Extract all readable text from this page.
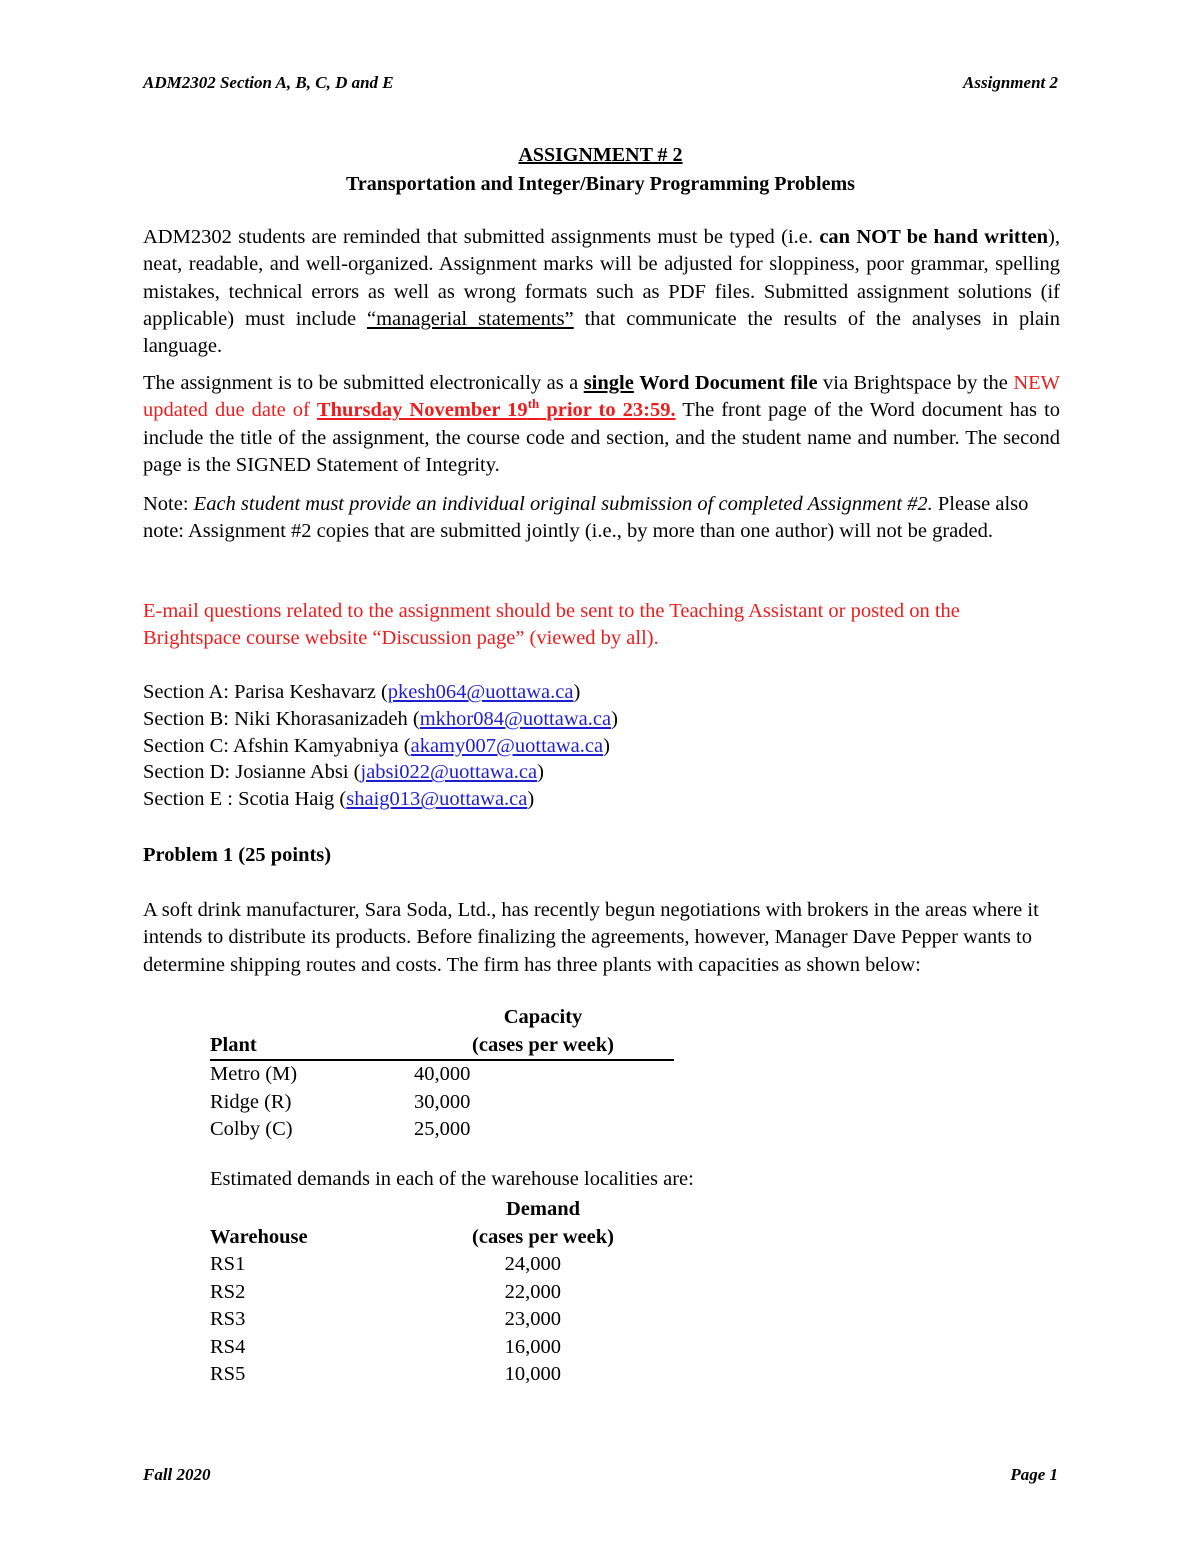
ADM2302 Section A, B, C, D and E	Assignment 2
ASSIGNMENT # 2
Transportation and Integer/Binary Programming Problems

ADM2302 students are reminded that submitted assignments must be typed (i.e. can NOT be hand written), neat, readable, and well-organized. Assignment marks will be adjusted for sloppiness, poor grammar, spelling mistakes, technical errors as well as wrong formats such as PDF files. Submitted assignment solutions (if applicable) must include “managerial statements” that communicate the results of the analyses in plain language.

The assignment is to be submitted electronically as a single Word Document file via Brightspace by the NEW updated due date of Thursday November 19th prior to 23:59. The front page of the Word document has to include the title of the assignment, the course code and section, and the student name and number. The second page is the SIGNED Statement of Integrity.

Note: Each student must provide an individual original submission of completed Assignment #2. Please also note: Assignment #2 copies that are submitted jointly (i.e., by more than one author) will not be graded.

E-mail questions related to the assignment should be sent to the Teaching Assistant or posted on the Brightspace course website “Discussion page” (viewed by all).

Section A: Parisa Keshavarz (pkesh064@uottawa.ca)
Section B: Niki Khorasanizadeh (mkhor084@uottawa.ca)
Section C: Afshin Kamyabniya (akamy007@uottawa.ca)
Section D: Josianne Absi (jabsi022@uottawa.ca)
Section E : Scotia Haig (shaig013@uottawa.ca)
Problem 1 (25 points)

A soft drink manufacturer, Sara Soda, Ltd., has recently begun negotiations with brokers in the areas where it intends to distribute its products. Before finalizing the agreements, however, Manager Dave Pepper wants to determine shipping routes and costs. The firm has three plants with capacities as shown below:

	Capacity
Plant	(cases per week)
Metro (M)	40,000
Ridge (R)	30,000
Colby (C)	25,000
Estimated demands in each of the warehouse localities are:
	Demand
Warehouse	(cases per week)
RS1	24,000
RS2	22,000
RS3	23,000
RS4	16,000
RS5	10,000
Fall 2020	Page 1
